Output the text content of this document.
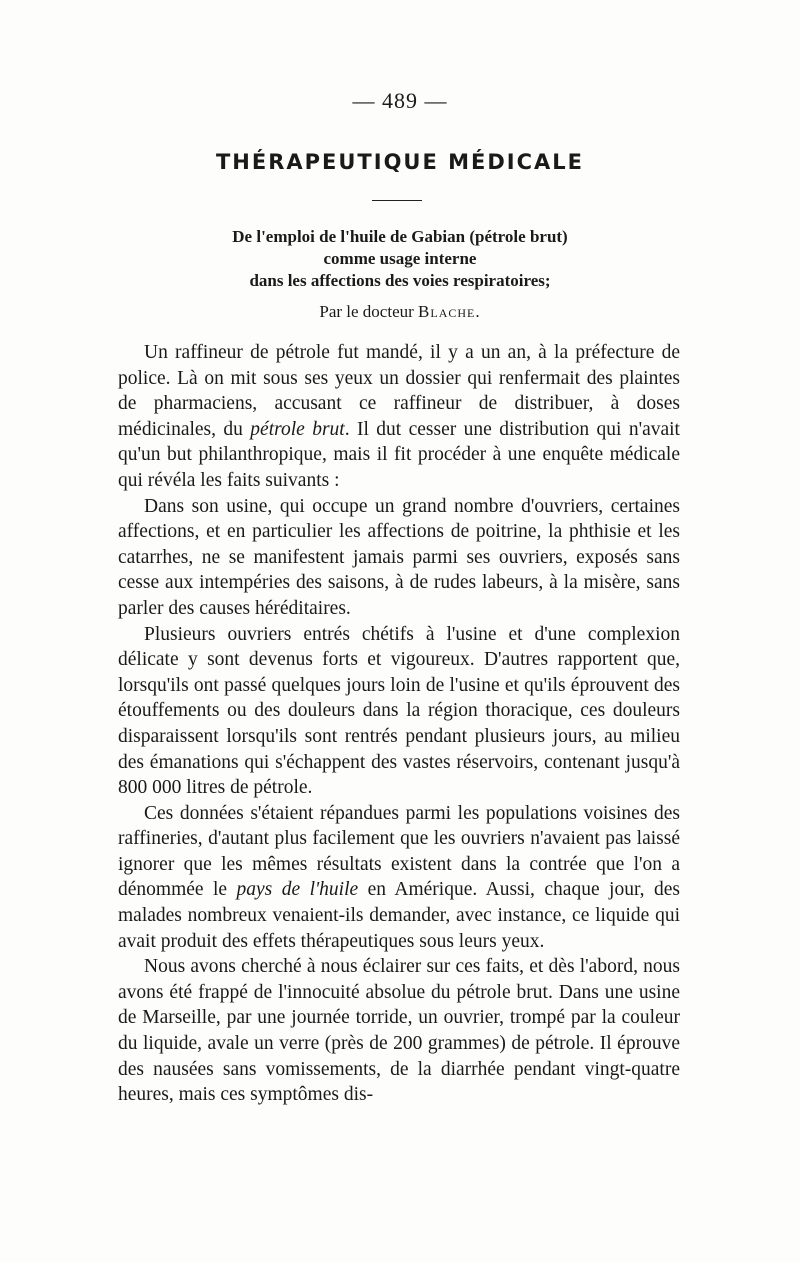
— 489 —
THÉRAPEUTIQUE MÉDICALE
De l'emploi de l'huile de Gabian (pétrole brut)
comme usage interne
dans les affections des voies respiratoires;
Par le docteur Blache.

Un raffineur de pétrole fut mandé, il y a un an, à la préfecture de police. Là on mit sous ses yeux un dossier qui renfermait des plaintes de pharmaciens, accusant ce raffineur de distribuer, à doses médicinales, du pétrole brut. Il dut cesser une distribution qui n'avait qu'un but philanthropique, mais il fit procéder à une enquête médicale qui révéla les faits suivants :

Dans son usine, qui occupe un grand nombre d'ouvriers, certaines affections, et en particulier les affections de poitrine, la phthisie et les catarrhes, ne se manifestent jamais parmi ses ouvriers, exposés sans cesse aux intempéries des saisons, à de rudes labeurs, à la misère, sans parler des causes héréditaires.

Plusieurs ouvriers entrés chétifs à l'usine et d'une complexion délicate y sont devenus forts et vigoureux. D'autres rapportent que, lorsqu'ils ont passé quelques jours loin de l'usine et qu'ils éprouvent des étouffements ou des douleurs dans la région thoracique, ces douleurs disparaissent lorsqu'ils sont rentrés pendant plusieurs jours, au milieu des émanations qui s'échappent des vastes réservoirs, contenant jusqu'à 800 000 litres de pétrole.

Ces données s'étaient répandues parmi les populations voisines des raffineries, d'autant plus facilement que les ouvriers n'avaient pas laissé ignorer que les mêmes résultats existent dans la contrée que l'on a dénommée le pays de l'huile en Amérique. Aussi, chaque jour, des malades nombreux venaient-ils demander, avec instance, ce liquide qui avait produit des effets thérapeutiques sous leurs yeux.

Nous avons cherché à nous éclairer sur ces faits, et dès l'abord, nous avons été frappé de l'innocuité absolue du pétrole brut. Dans une usine de Marseille, par une journée torride, un ouvrier, trompé par la couleur du liquide, avale un verre (près de 200 grammes) de pétrole. Il éprouve des nausées sans vomissements, de la diarrhée pendant vingt-quatre heures, mais ces symptômes dis-
